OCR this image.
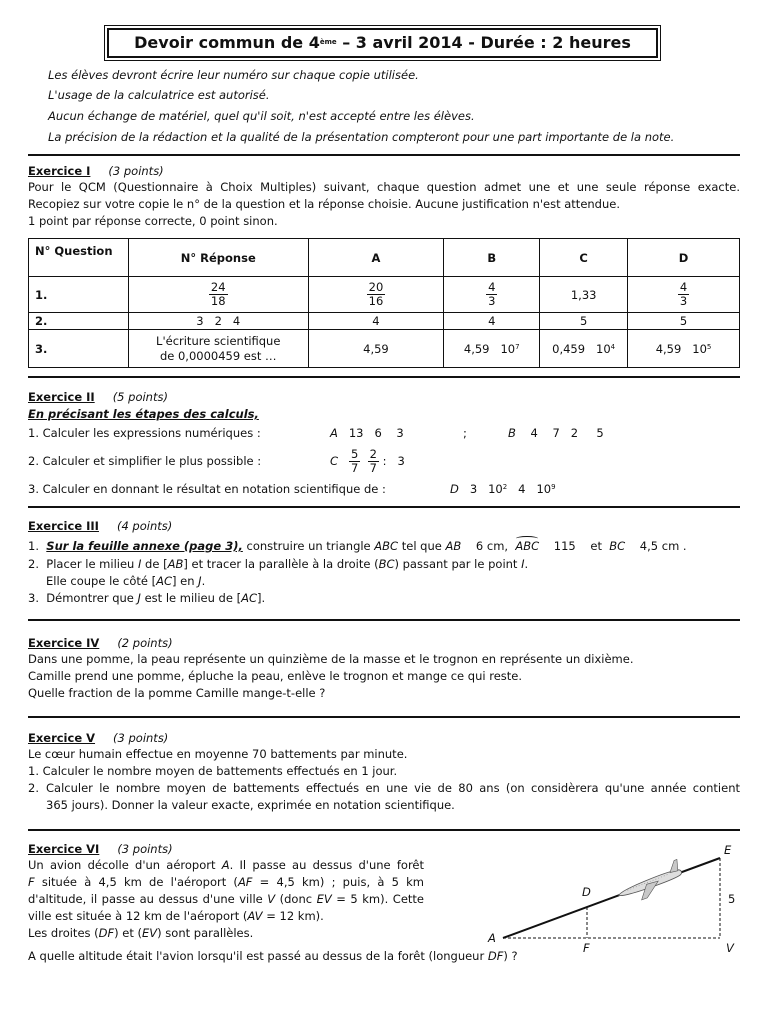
Devoir commun de 4ème – 3 avril 2014 - Durée : 2 heures
Les élèves devront écrire leur numéro sur chaque copie utilisée.
L'usage de la calculatrice est autorisé.
Aucun échange de matériel, quel qu'il soit, n'est accepté entre les élèves.
La précision de la rédaction et la qualité de la présentation compteront pour une part importante de la note.
Exercice I (3 points)
Pour le QCM (Questionnaire à Choix Multiples) suivant, chaque question admet une et une seule réponse exacte.
Recopiez sur votre copie le n° de la question et la réponse choisie. Aucune justification n'est attendue.
1 point par réponse correcte, 0 point sinon.
N° Question	N° Réponse	A	B	C	D
1.	$\frac{24}{18}$	$\frac{20}{16}$	$\frac{4}{3}$	1,33	$\frac{4}{3}$

2.	3   2   4	4	4	5	5
3.	L'écriture scientifique
de 0,0000459 est …	4,59	4,59   $10^7$	0,459   $10^4$	4,59   $10^5$
Exercice II (5 points)
En précisant les étapes des calculs,
1. Calculer les expressions numériques :	A 13   6    3	;	B 4    7   2     5
2. Calculer et simplifier le plus possible :	C $\frac{5}{7}$
$\frac{2}{7}$ :   3
3. Calculer en donnant le résultat en notation scientifique de :	D 3   $10^2$   4   $10^9$
Exercice III (4 points)
1. Sur la feuille annexe (page 3), construire un triangle ABC tel que AB    6 cm,  ABC    115    et  BC    4,5 cm .
2. Placer le milieu I de [AB] et tracer la parallèle à la droite (BC) passant par le point I.
Elle coupe le côté [AC] en J.
3. Démontrer que J est le milieu de [AC].
Exercice IV (2 points)
Dans une pomme, la peau représente un quinzième de la masse et le trognon en représente un dixième.
Camille prend une pomme, épluche la peau, enlève le trognon et mange ce qui reste.
Quelle fraction de la pomme Camille mange-t-elle ?
Exercice V (3 points)
Le cœur humain effectue en moyenne 70 battements par minute.
1. Calculer le nombre moyen de battements effectués en 1 jour.
2. Calculer le nombre moyen de battements effectués en une vie de 80 ans (on considèrera qu'une année contient
365 jours). Donner la valeur exacte, exprimée en notation scientifique.
Exercice VI (3 points)
Un avion décolle d'un aéroport A. Il passe au dessus d'une forêt
F située à 4,5 km de l'aéroport (AF = 4,5 km) ; puis, à 5 km
d'altitude, il passe au dessus d'une ville V (donc EV = 5 km). Cette
ville est située à 12 km de l'aéroport (AV = 12 km).
Les droites (DF) et (EV) sont parallèles.
A quelle altitude était l'avion lorsqu'il est passé au dessus de la forêt (longueur DF) ?
A
D
E
F	V
5
